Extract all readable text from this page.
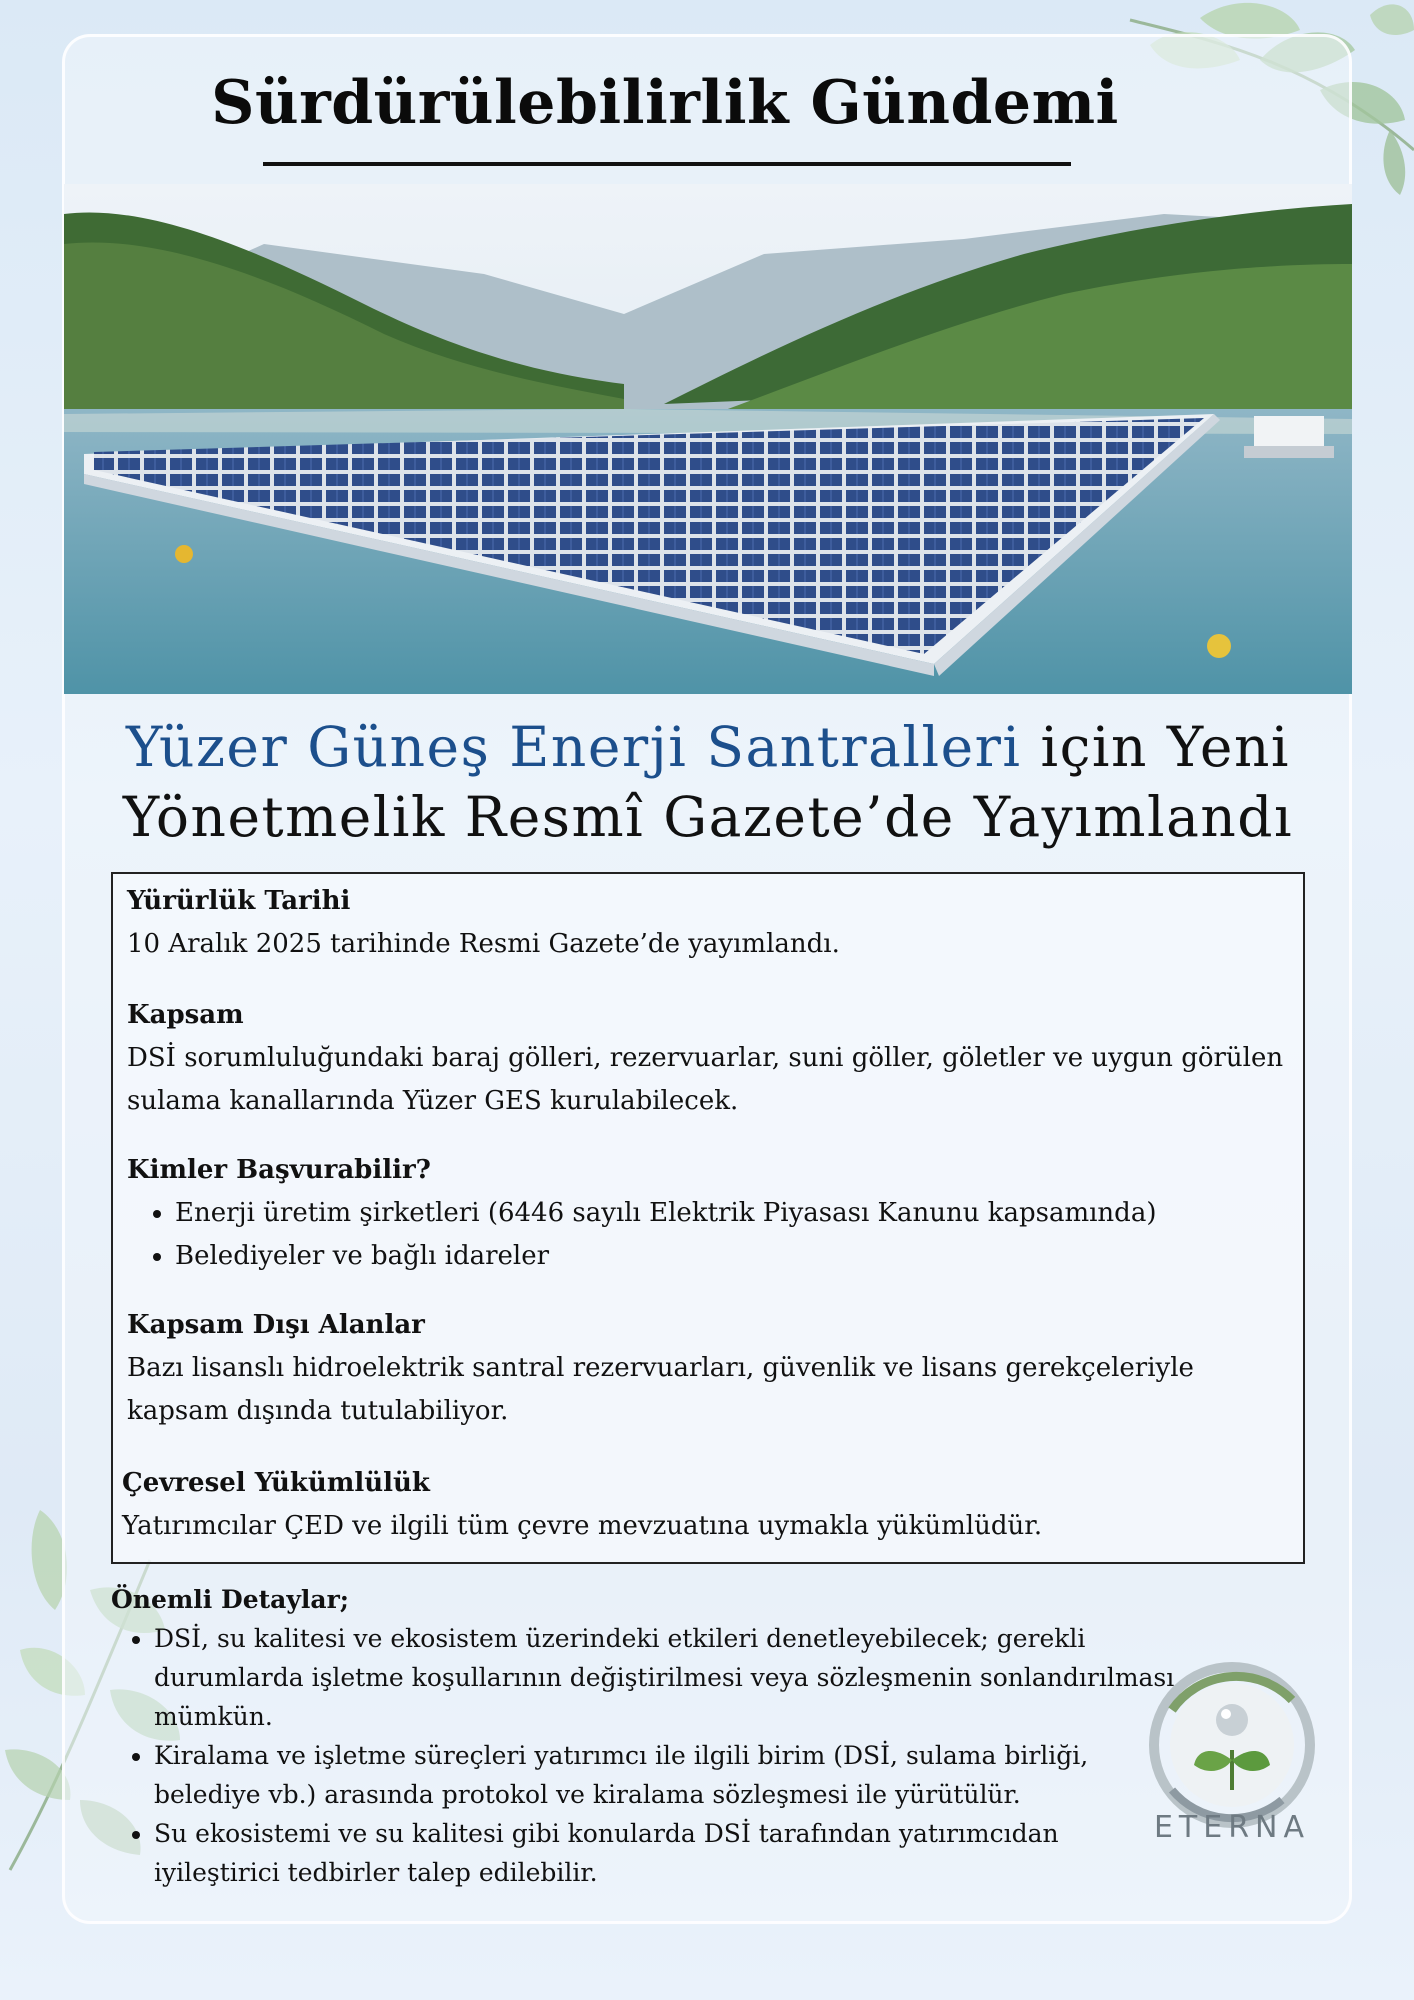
Sürdürülebilirlik Gündemi
Yüzer Güneş Enerji Santralleri için Yeni
Yönetmelik Resmî Gazete’de Yayımlandı
Yürürlük Tarihi

10 Aralık 2025 tarihinde Resmi Gazete’de yayımlandı.

Kapsam

DSİ sorumluluğundaki baraj gölleri, rezervuarlar, suni göller, göletler ve uygun görülen sulama kanallarında Yüzer GES kurulabilecek.

Kimler Başvurabilir?
• Enerji üretim şirketleri (6446 sayılı Elektrik Piyasası Kanunu kapsamında)
• Belediyeler ve bağlı idareler
Kapsam Dışı Alanlar

Bazı lisanslı hidroelektrik santral rezervuarları, güvenlik ve lisans gerekçeleriyle kapsam dışında tutulabiliyor.

Çevresel Yükümlülük

Yatırımcılar ÇED ve ilgili tüm çevre mevzuatına uymakla yükümlüdür.

Önemli Detaylar;
• DSİ, su kalitesi ve ekosistem üzerindeki etkileri denetleyebilecek; gerekli durumlarda işletme koşullarının değiştirilmesi veya sözleşmenin sonlandırılması mümkün.
• Kiralama ve işletme süreçleri yatırımcı ile ilgili birim (DSİ, sulama birliği, belediye vb.) arasında protokol ve kiralama sözleşmesi ile yürütülür.
• Su ekosistemi ve su kalitesi gibi konularda DSİ tarafından yatırımcıdan iyileştirici tedbirler talep edilebilir.
ETERNA
